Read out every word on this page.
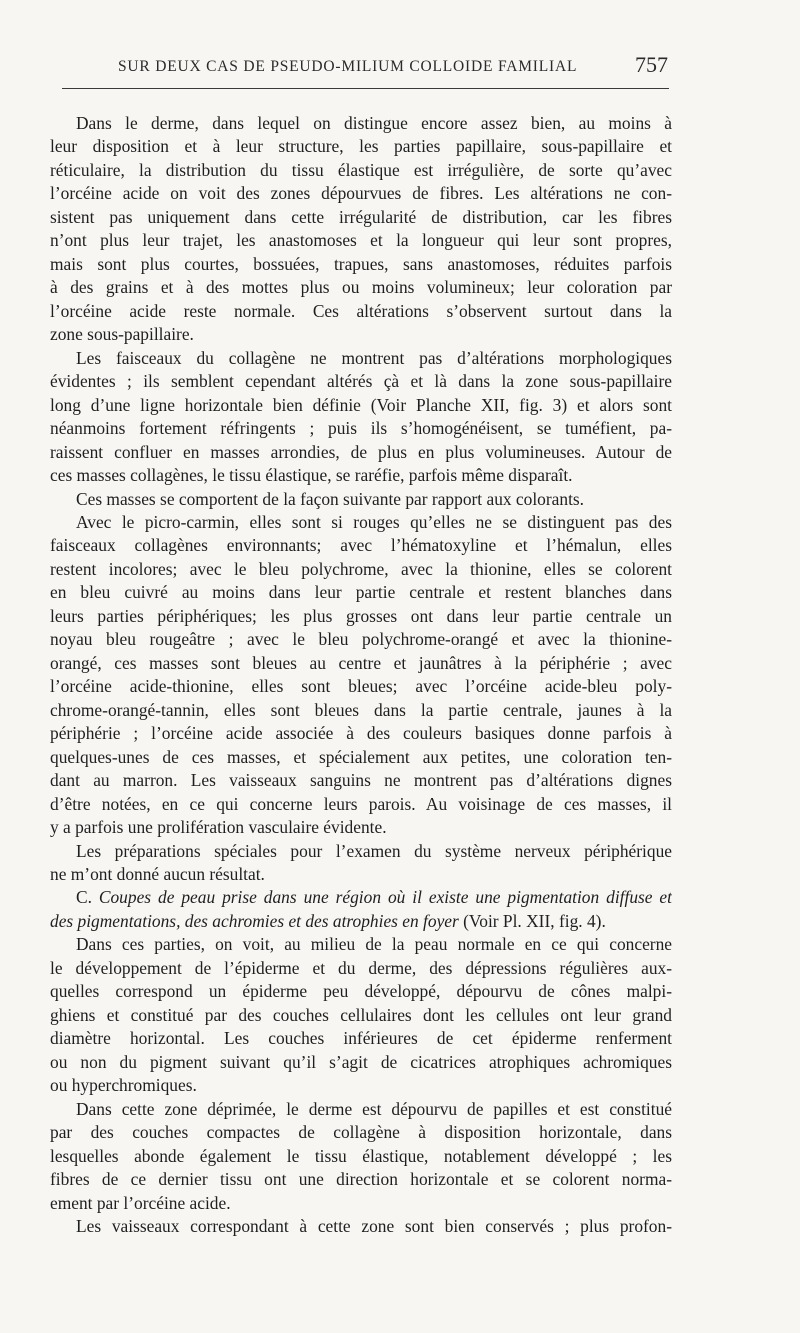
SUR DEUX CAS DE PSEUDO-MILIUM COLLOIDE FAMILIAL	757
Dans le derme, dans lequel on distingue encore assez bien, au moins à
leur disposition et à leur structure, les parties papillaire, sous-papillaire et
réticulaire, la distribution du tissu élastique est irrégulière, de sorte qu’avec
l’orcéine acide on voit des zones dépourvues de fibres. Les altérations ne con-
sistent pas uniquement dans cette irrégularité de distribution, car les fibres
n’ont plus leur trajet, les anastomoses et la longueur qui leur sont propres,
mais sont plus courtes, bossuées, trapues, sans anastomoses, réduites parfois
à des grains et à des mottes plus ou moins volumineux; leur coloration par
l’orcéine acide reste normale. Ces altérations s’observent surtout dans la
zone sous-papillaire.
Les faisceaux du collagène ne montrent pas d’altérations morphologiques
évidentes ; ils semblent cependant altérés çà et là dans la zone sous-papillaire
long d’une ligne horizontale bien définie (Voir Planche XII, fig. 3) et alors sont
néanmoins fortement réfringents ; puis ils s’homogénéisent, se tuméfient, pa-
raissent confluer en masses arrondies, de plus en plus volumineuses. Autour de
ces masses collagènes, le tissu élastique, se raréfie, parfois même disparaît.
Ces masses se comportent de la façon suivante par rapport aux colorants.
Avec le picro-carmin, elles sont si rouges qu’elles ne se distinguent pas des
faisceaux collagènes environnants; avec l’hématoxyline et l’hémalun, elles
restent incolores; avec le bleu polychrome, avec la thionine, elles se colorent
en bleu cuivré au moins dans leur partie centrale et restent blanches dans
leurs parties périphériques; les plus grosses ont dans leur partie centrale un
noyau bleu rougeâtre ; avec le bleu polychrome-orangé et avec la thionine-
orangé, ces masses sont bleues au centre et jaunâtres à la périphérie ; avec
l’orcéine acide-thionine, elles sont bleues; avec l’orcéine acide-bleu poly-
chrome-orangé-tannin, elles sont bleues dans la partie centrale, jaunes à la
périphérie ; l’orcéine acide associée à des couleurs basiques donne parfois à
quelques-unes de ces masses, et spécialement aux petites, une coloration ten-
dant au marron. Les vaisseaux sanguins ne montrent pas d’altérations dignes
d’être notées, en ce qui concerne leurs parois. Au voisinage de ces masses, il
y a parfois une prolifération vasculaire évidente.
Les préparations spéciales pour l’examen du système nerveux périphérique
ne m’ont donné aucun résultat.
C. Coupes de peau prise dans une région où il existe une pigmentation diffuse et
des pigmentations, des achromies et des atrophies en foyer (Voir Pl. XII, fig. 4).
Dans ces parties, on voit, au milieu de la peau normale en ce qui concerne
le développement de l’épiderme et du derme, des dépressions régulières aux-
quelles correspond un épiderme peu développé, dépourvu de cônes malpi-
ghiens et constitué par des couches cellulaires dont les cellules ont leur grand
diamètre horizontal. Les couches inférieures de cet épiderme renferment
ou non du pigment suivant qu’il s’agit de cicatrices atrophiques achromiques
ou hyperchromiques.
Dans cette zone déprimée, le derme est dépourvu de papilles et est constitué
par des couches compactes de collagène à disposition horizontale, dans
lesquelles abonde également le tissu élastique, notablement développé ; les
fibres de ce dernier tissu ont une direction horizontale et se colorent norma-
ement par l’orcéine acide.
Les vaisseaux correspondant à cette zone sont bien conservés ; plus profon-
